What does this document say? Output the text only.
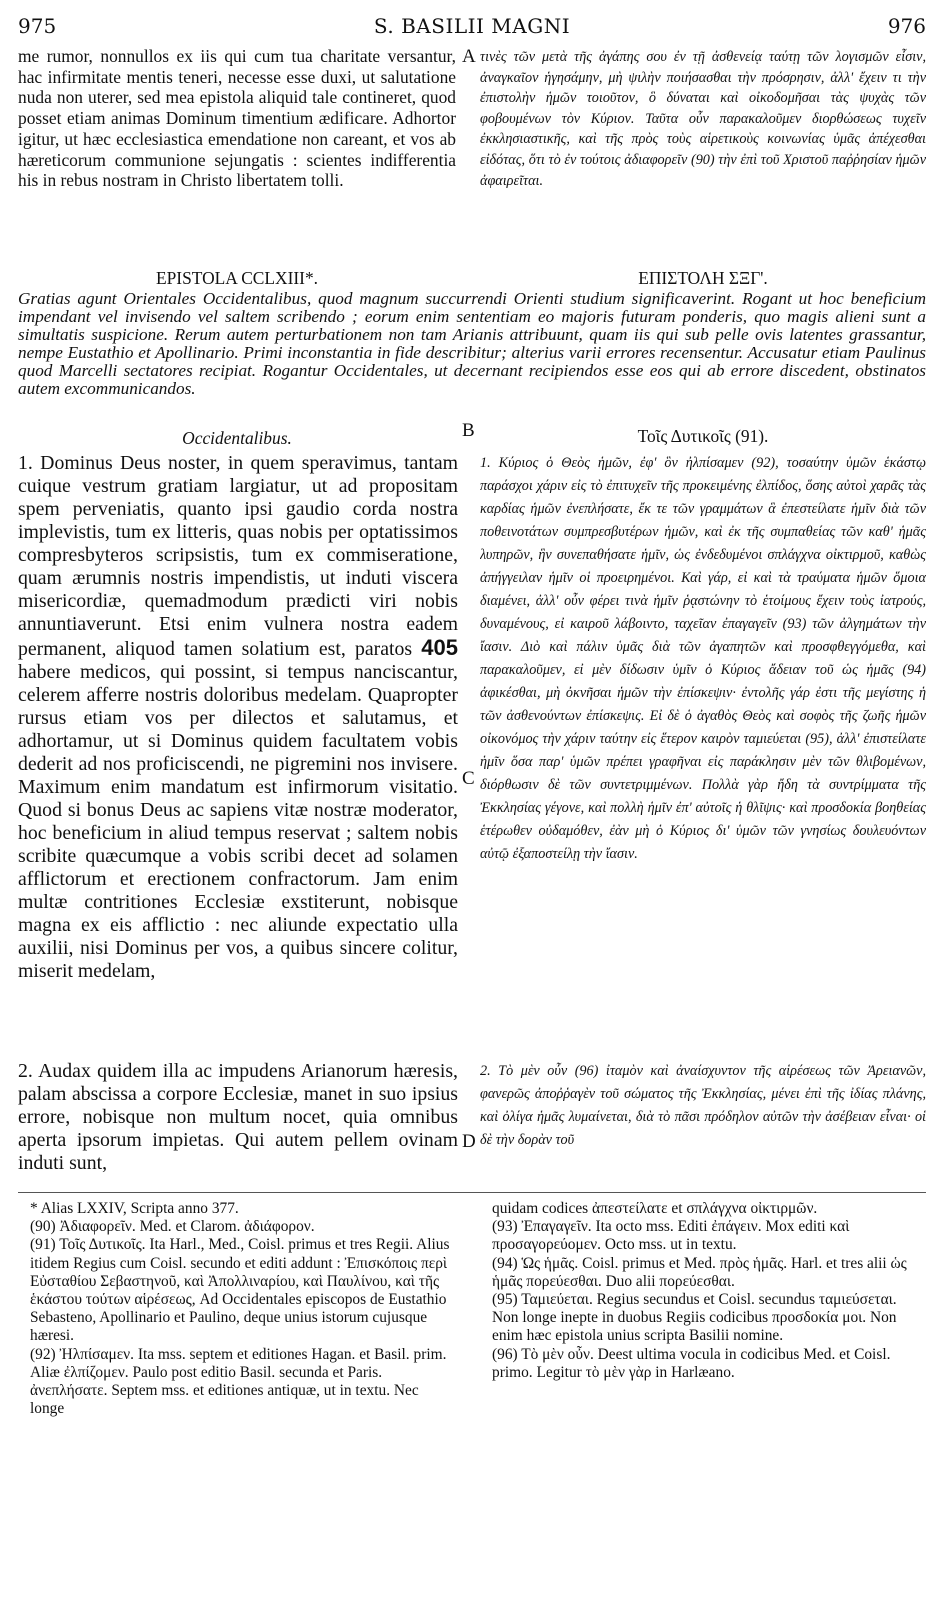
975	S. BASILII MAGNI	976

me rumor, nonnullos ex iis qui cum tua charitate versantur, hac infirmitate mentis teneri, necesse esse duxi, ut salutatione nuda non uterer, sed mea epistola aliquid tale contineret, quod posset etiam animas Dominum timentium ædificare. Adhortor igitur, ut hæc ecclesiastica emendatione non careant, et vos ab hæreticorum communione sejungatis : scientes indifferentia his in rebus nostram in Christo libertatem tolli.

A τινὲς τῶν μετὰ τῆς ἀγάπης σου ἐν τῇ ἀσθενείᾳ ταύτῃ τῶν λογισμῶν εἶσιν, ἀναγκαῖον ἡγησάμην, μὴ ψιλὴν ποιήσασθαι τὴν πρόσρησιν, ἀλλ' ἔχειν τι τὴν ἐπιστολὴν ἡμῶν τοιοῦτον, ὃ δύναται καὶ οἰκοδομῆσαι τὰς ψυχὰς τῶν φοβουμένων τὸν Κύριον. Ταῦτα οὖν παρακαλοῦμεν διορθώσεως τυχεῖν ἐκκλησιαστικῆς, καὶ τῆς πρὸς τοὺς αἱρετικοὺς κοινωνίας ὑμᾶς ἀπέχεσθαι εἰδότας, ὅτι τὸ ἐν τούτοις ἀδιαφορεῖν (90) τὴν ἐπὶ τοῦ Χριστοῦ παῤῥησίαν ἡμῶν ἀφαιρεῖται.

EPISTOLA CCLXIII*.	ΕΠΙΣΤΟΛΗ ΣΞΓ'.

Gratias agunt Orientales Occidentalibus, quod magnum succurrendi Orienti studium significaverint. Rogant ut hoc beneficium impendant vel invisendo vel saltem scribendo ; eorum enim sententiam eo majoris futuram ponderis, quo magis alieni sunt a simultatis suspicione. Rerum autem perturbationem non tam Arianis attribuunt, quam iis qui sub pelle ovis latentes grassantur, nempe Eustathio et Apollinario. Primi inconstantia in fide describitur; alterius varii errores recensentur. Accusatur etiam Paulinus quod Marcelli sectatores recipiat. Rogantur Occidentales, ut decernant recipiendos esse eos qui ab errore discedent, obstinatos autem excommunicandos.

Occidentalibus.	B	Τοῖς Δυτικοῖς (91).

1. Dominus Deus noster, in quem speravimus, tantam cuique vestrum gratiam largiatur, ut ad propositam spem perveniatis, quanto ipsi gaudio corda nostra implevistis, tum ex litteris, quas nobis per optatissimos compresbyteros scripsistis, tum ex commiseratione, quam ærumnis nostris impendistis, ut induti viscera misericordiæ, quemadmodum prædicti viri nobis annuntiaverunt. Etsi enim vulnera nostra eadem permanent, aliquod tamen solatium est, paratos 405 habere medicos, qui possint, si tempus nanciscantur, celerem afferre nostris doloribus medelam. Quapropter rursus etiam vos per dilectos et salutamus, et adhortamur, ut si Dominus quidem facultatem vobis dederit ad nos proficiscendi, ne pigremini nos invisere. Maximum enim mandatum est infirmorum visitatio. Quod si bonus Deus ac sapiens vitæ nostræ moderator, hoc beneficium in aliud tempus reservat ; saltem nobis scribite quæcumque a vobis scribi decet ad solamen afflictorum et erectionem confractorum. Jam enim multæ contritiones Ecclesiæ exstiterunt, nobisque magna ex eis afflictio : nec aliunde expectatio ulla auxilii, nisi Dominus per vos, a quibus sincere colitur, miserit medelam,

C

1. Κύριος ὁ Θεὸς ἡμῶν, ἐφ' ὃν ἠλπίσαμεν (92), τοσαύτην ὑμῶν ἑκάστῳ παράσχοι χάριν εἰς τὸ ἐπιτυχεῖν τῆς προκειμένης ἐλπίδος, ὅσης αὐτοὶ χαρᾶς τὰς καρδίας ἡμῶν ἐνεπλήσατε, ἔκ τε τῶν γραμμάτων ἃ ἐπεστείλατε ἡμῖν διὰ τῶν ποθεινοτάτων συμπρεσβυτέρων ἡμῶν, καὶ ἐκ τῆς συμπαθείας τῶν καθ' ἡμᾶς λυπηρῶν, ἣν συνεπαθήσατε ἡμῖν, ὡς ἐνδεδυμένοι σπλάγχνα οἰκτιρμοῦ, καθὼς ἀπήγγειλαν ἡμῖν οἱ προειρημένοι. Καὶ γάρ, εἰ καὶ τὰ τραύματα ἡμῶν ὅμοια διαμένει, ἀλλ' οὖν φέρει τινὰ ἡμῖν ῥᾳστώνην τὸ ἑτοίμους ἔχειν τοὺς ἰατρούς, δυναμένους, εἰ καιροῦ λάβοιντο, ταχεῖαν ἐπαγαγεῖν (93) τῶν ἀλγημάτων τὴν ἴασιν. Διὸ καὶ πάλιν ὑμᾶς διὰ τῶν ἀγαπητῶν καὶ προσφθεγγόμεθα, καὶ παρακαλοῦμεν, εἰ μὲν δίδωσιν ὑμῖν ὁ Κύριος ἄδειαν τοῦ ὡς ἡμᾶς (94) ἀφικέσθαι, μὴ ὀκνῆσαι ἡμῶν τὴν ἐπίσκεψιν· ἐντολῆς γάρ ἐστι τῆς μεγίστης ἡ τῶν ἀσθενούντων ἐπίσκεψις. Εἰ δὲ ὁ ἀγαθὸς Θεὸς καὶ σοφὸς τῆς ζωῆς ἡμῶν οἰκονόμος τὴν χάριν ταύτην εἰς ἕτερον καιρὸν ταμιεύεται (95), ἀλλ' ἐπιστείλατε ἡμῖν ὅσα παρ' ὑμῶν πρέπει γραφῆναι εἰς παράκλησιν μὲν τῶν θλιβομένων, διόρθωσιν δὲ τῶν συντετριμμένων. Πολλὰ γὰρ ἤδη τὰ συντρίμματα τῆς Ἐκκλησίας γέγονε, καὶ πολλὴ ἡμῖν ἐπ' αὐτοῖς ἡ θλῖψις· καὶ προσδοκία βοηθείας ἑτέρωθεν οὐδαμόθεν, ἐὰν μὴ ὁ Κύριος δι' ὑμῶν τῶν γνησίως δουλευόντων αὐτῷ ἐξαποστείλῃ τὴν ἴασιν.

2. Audax quidem illa ac impudens Arianorum hæresis, palam abscissa a corpore Ecclesiæ, manet in suo ipsius errore, nobisque non multum nocet, quia omnibus aperta ipsorum impietas. Qui autem pellem ovinam induti sunt,

D

2. Τὸ μὲν οὖν (96) ἰταμὸν καὶ ἀναίσχυντον τῆς αἱρέσεως τῶν Ἀρειανῶν, φανερῶς ἀποῤῥαγὲν τοῦ σώματος τῆς Ἐκκλησίας, μένει ἐπὶ τῆς ἰδίας πλάνης, καὶ ὀλίγα ἡμᾶς λυμαίνεται, διὰ τὸ πᾶσι πρόδηλον αὐτῶν τὴν ἀσέβειαν εἶναι· οἱ δὲ τὴν δορὰν τοῦ

* Alias LXXIV, Scripta anno 377.

(90) Ἀδιαφορεῖν. Med. et Clarom. ἀδιάφορον.

(91) Τοῖς Δυτικοῖς. Ita Harl., Med., Coisl. primus et tres Regii. Alius itidem Regius cum Coisl. secundo et editi addunt : Ἐπισκόποις περὶ Εὐσταθίου Σεβαστηνοῦ, καὶ Ἀπολλιναρίου, καὶ Παυλίνου, καὶ τῆς ἑκάστου τούτων αἱρέσεως, Ad Occidentales episcopos de Eustathio Sebasteno, Apollinario et Paulino, deque unius istorum cujusque hæresi.

(92) Ἠλπίσαμεν. Ita mss. septem et editiones Hagan. et Basil. prim. Aliæ ἐλπίζομεν. Paulo post editio Basil. secunda et Paris. ἀνεπλήσατε. Septem mss. et editiones antiquæ, ut in textu. Nec longe

quidam codices ἀπεστείλατε et σπλάγχνα οἰκτιρμῶν.

(93) Ἐπαγαγεῖν. Ita octo mss. Editi ἐπάγειν. Mox editi καὶ προσαγορεύομεν. Octo mss. ut in textu.

(94) Ὡς ἡμᾶς. Coisl. primus et Med. πρὸς ἡμᾶς. Harl. et tres alii ὡς ἡμᾶς πορεύεσθαι. Duo alii πορεύεσθαι.

(95) Ταμιεύεται. Regius secundus et Coisl. secundus ταμιεύσεται. Non longe inepte in duobus Regiis codicibus προσδοκία μοι. Non enim hæc epistola unius scripta Basilii nomine.

(96) Τὸ μὲν οὖν. Deest ultima vocula in codicibus Med. et Coisl. primo. Legitur τὸ μὲν γὰρ in Harlæano.
